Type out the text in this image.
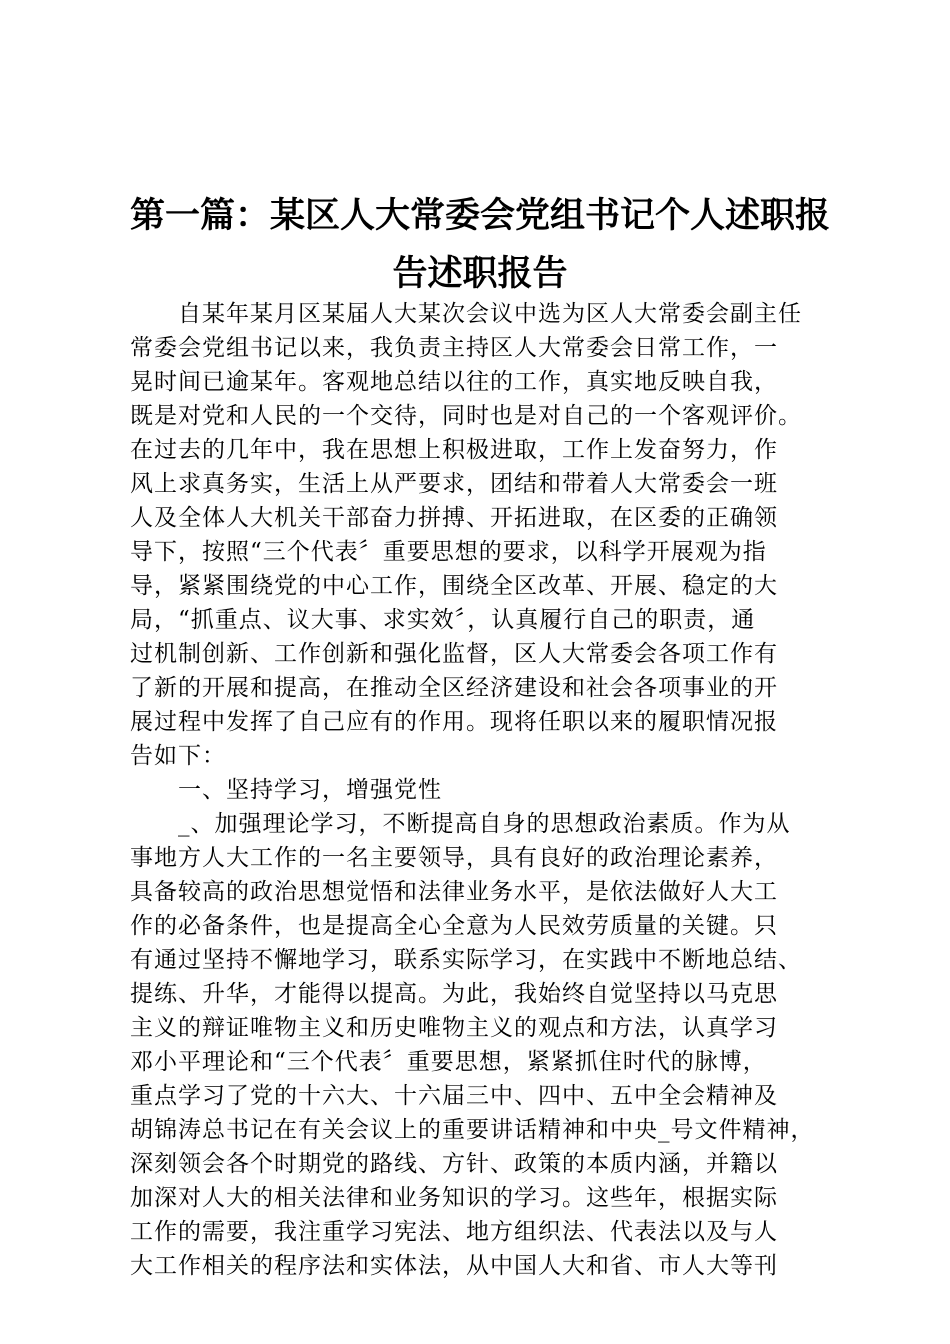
第一篇：某区人大常委会党组书记个人述职报
告述职报告
自某年某月区某届人大某次会议中选为区人大常委会副主任
常委会党组书记以来，我负责主持区人大常委会日常工作，一
晃时间已逾某年。客观地总结以往的工作，真实地反映自我，
既是对党和人民的一个交待，同时也是对自己的一个客观评价。
在过去的几年中，我在思想上积极进取，工作上发奋努力，作
风上求真务实，生活上从严要求，团结和带着人大常委会一班
人及全体人大机关干部奋力拼搏、开拓进取，在区委的正确领
导下，按照“三个代表〞重要思想的要求，以科学开展观为指
导，紧紧围绕党的中心工作，围绕全区改革、开展、稳定的大
局，“抓重点、议大事、求实效〞，认真履行自己的职责，通
过机制创新、工作创新和强化监督，区人大常委会各项工作有
了新的开展和提高，在推动全区经济建设和社会各项事业的开
展过程中发挥了自己应有的作用。现将任职以来的履职情况报
告如下：
一、坚持学习，增强党性
_、加强理论学习，不断提高自身的思想政治素质。作为从
事地方人大工作的一名主要领导，具有良好的政治理论素养，
具备较高的政治思想觉悟和法律业务水平，是依法做好人大工
作的必备条件，也是提高全心全意为人民效劳质量的关键。只
有通过坚持不懈地学习，联系实际学习，在实践中不断地总结、
提练、升华，才能得以提高。为此，我始终自觉坚持以马克思
主义的辩证唯物主义和历史唯物主义的观点和方法，认真学习
邓小平理论和“三个代表〞重要思想，紧紧抓住时代的脉博，
重点学习了党的十六大、十六届三中、四中、五中全会精神及
胡锦涛总书记在有关会议上的重要讲话精神和中央_号文件精神，
深刻领会各个时期党的路线、方针、政策的本质内涵，并籍以
加深对人大的相关法律和业务知识的学习。这些年，根据实际
工作的需要，我注重学习宪法、地方组织法、代表法以及与人
大工作相关的程序法和实体法，从中国人大和省、市人大等刊
